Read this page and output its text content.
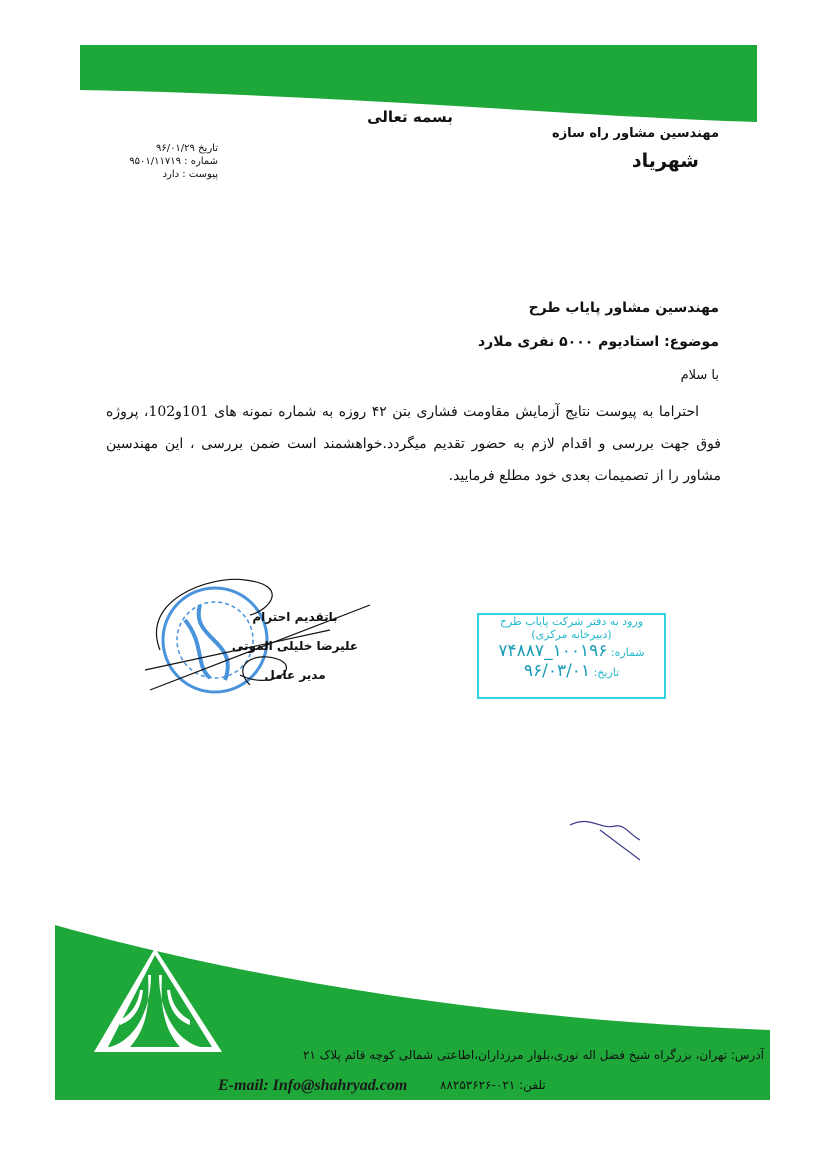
بسمه تعالی
مهندسین مشاور راه سازه
شهریاد
تاریخ ۹۶/۰۱/۲۹
شماره : ۹۵۰۱/۱۱۷۱۹
پیوست : دارد
مهندسین مشاور پایاب طرح
موضوع: استادیوم ۵۰۰۰ نفری ملارد
با سلام
احتراما به پیوست نتایج آزمایش مقاومت فشاری بتن ۴۲ روزه به شماره نمونه های 101و102، پروژه فوق جهت بررسی و اقدام لازم به حضور تقدیم میگردد.خواهشمند است ضمن بررسی ، این مهندسین مشاور را از تصمیمات بعدی خود مطلع فرمایید.
باتقدیم احترام
علیرضا خلیلی الموتی
مدیر عامل
ورود به دفتر شرکت پایاب طرح
(دبیرخانه مرکزی)
شماره: ۱۰۰۱۹۶_۷۴۸۸۷
تاریخ: ۹۶/۰۳/۰۱
آدرس: تهران، بزرگراه شیخ فضل اله نوری،بلوار مرزداران،اطاعتی شمالی کوچه قائم پلاک ۲۱
E-mail: Info@shahryad.com	تلفن: ۰۲۱-۸۸۲۵۳۶۲۶
